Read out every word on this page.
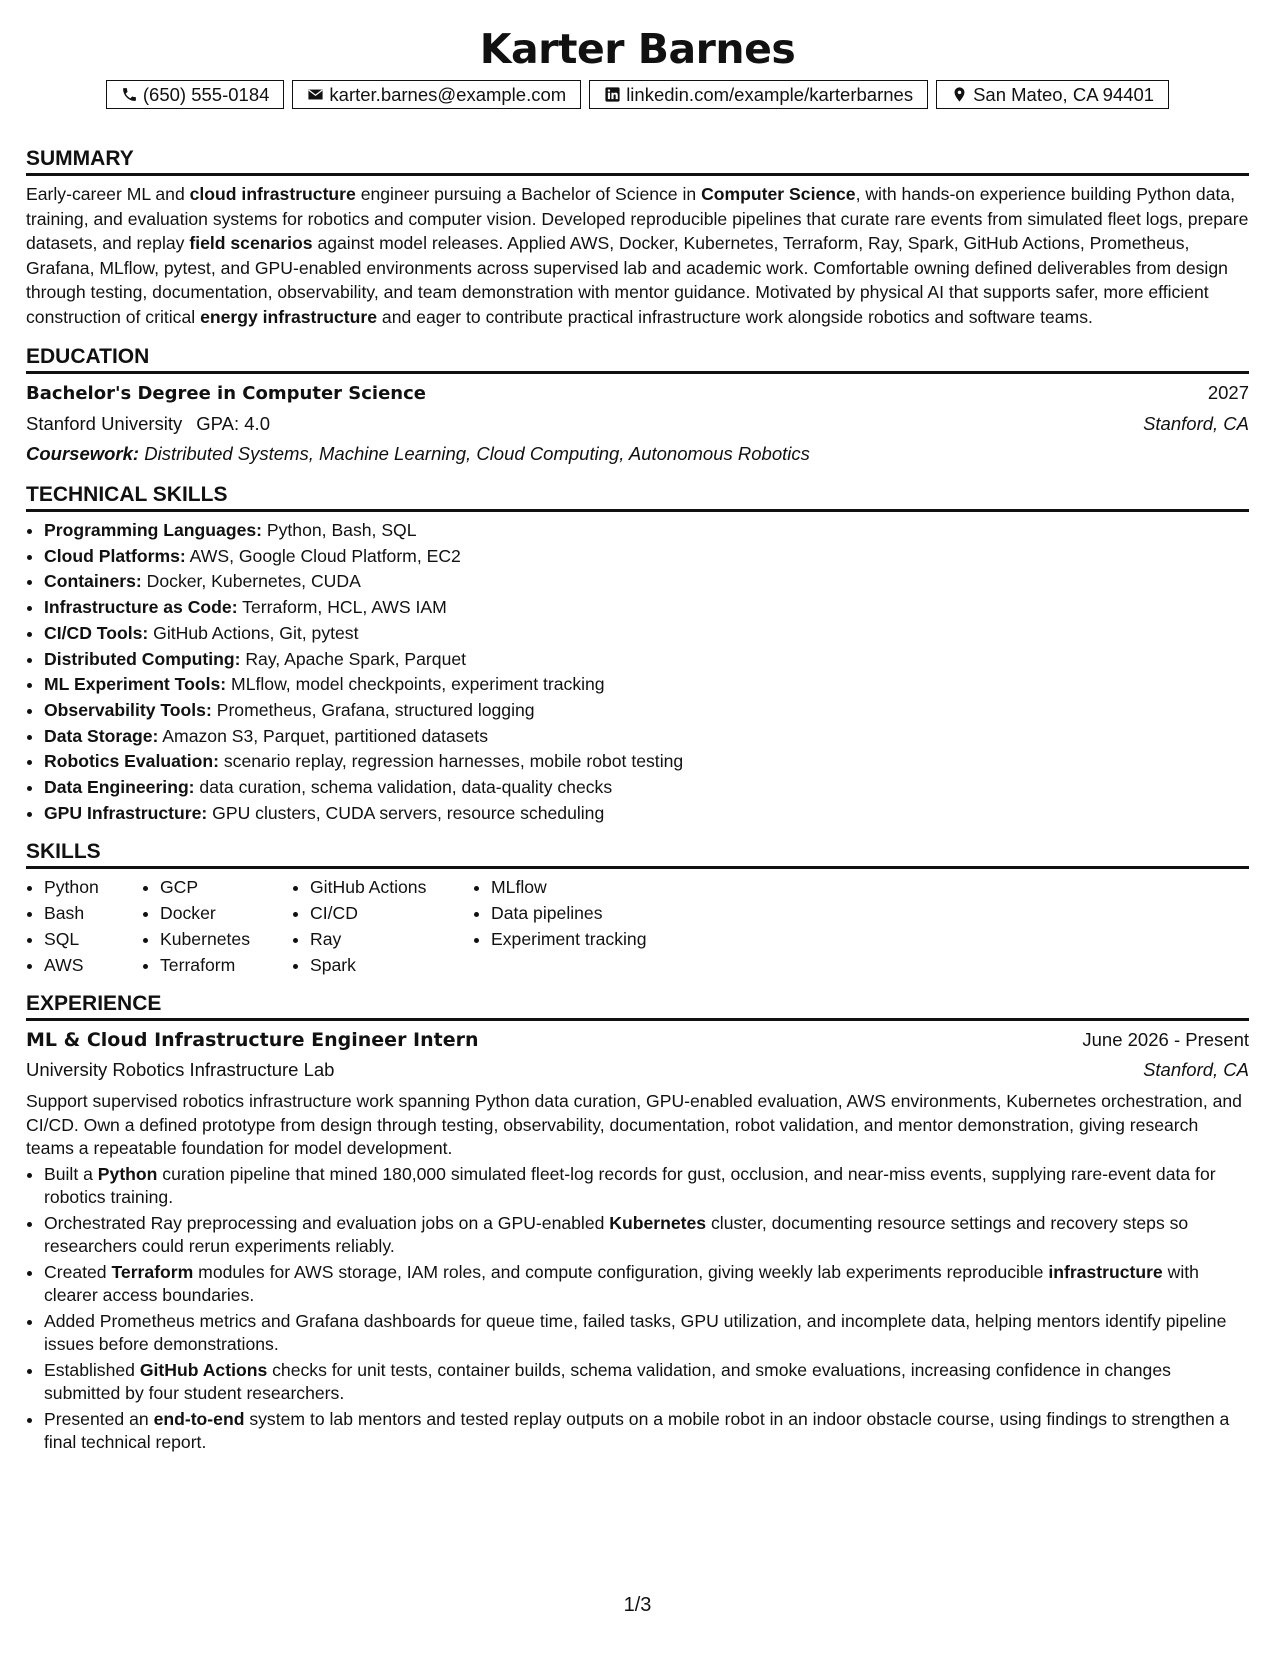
Karter Barnes
(650) 555-0184	karter.barnes@example.com	linkedin.com/example/karterbarnes	San Mateo, CA 94401
SUMMARY

Early-career ML and cloud infrastructure engineer pursuing a Bachelor of Science in Computer Science, with hands-on experience building Python data, training, and evaluation systems for robotics and computer vision. Developed reproducible pipelines that curate rare events from simulated fleet logs, prepare datasets, and replay field scenarios against model releases. Applied AWS, Docker, Kubernetes, Terraform, Ray, Spark, GitHub Actions, Prometheus, Grafana, MLflow, pytest, and GPU-enabled environments across supervised lab and academic work. Comfortable owning defined deliverables from design through testing, documentation, observability, and team demonstration with mentor guidance. Motivated by physical AI that supports safer, more efficient construction of critical energy infrastructure and eager to contribute practical infrastructure work alongside robotics and software teams.

EDUCATION
Bachelor's Degree in Computer Science	2027
Stanford University GPA: 4.0	Stanford, CA
Coursework: Distributed Systems, Machine Learning, Cloud Computing, Autonomous Robotics
TECHNICAL SKILLS
• Programming Languages: Python, Bash, SQL
• Cloud Platforms: AWS, Google Cloud Platform, EC2
• Containers: Docker, Kubernetes, CUDA
• Infrastructure as Code: Terraform, HCL, AWS IAM
• CI/CD Tools: GitHub Actions, Git, pytest
• Distributed Computing: Ray, Apache Spark, Parquet
• ML Experiment Tools: MLflow, model checkpoints, experiment tracking
• Observability Tools: Prometheus, Grafana, structured logging
• Data Storage: Amazon S3, Parquet, partitioned datasets
• Robotics Evaluation: scenario replay, regression harnesses, mobile robot testing
• Data Engineering: data curation, schema validation, data-quality checks
• GPU Infrastructure: GPU clusters, CUDA servers, resource scheduling
SKILLS
• Python
• Bash
• SQL
• AWS
• GCP
• Docker
• Kubernetes
• Terraform
• GitHub Actions
• CI/CD
• Ray
• Spark
• MLflow
• Data pipelines
• Experiment tracking
EXPERIENCE
ML & Cloud Infrastructure Engineer Intern	June 2026 - Present
University Robotics Infrastructure Lab	Stanford, CA

Support supervised robotics infrastructure work spanning Python data curation, GPU-enabled evaluation, AWS environments, Kubernetes orchestration, and CI/CD. Own a defined prototype from design through testing, observability, documentation, robot validation, and mentor demonstration, giving research teams a repeatable foundation for model development.

• Built a Python curation pipeline that mined 180,000 simulated fleet-log records for gust, occlusion, and near-miss events, supplying rare-event data for robotics training.
• Orchestrated Ray preprocessing and evaluation jobs on a GPU-enabled Kubernetes cluster, documenting resource settings and recovery steps so researchers could rerun experiments reliably.
• Created Terraform modules for AWS storage, IAM roles, and compute configuration, giving weekly lab experiments reproducible infrastructure with clearer access boundaries.
• Added Prometheus metrics and Grafana dashboards for queue time, failed tasks, GPU utilization, and incomplete data, helping mentors identify pipeline issues before demonstrations.
• Established GitHub Actions checks for unit tests, container builds, schema validation, and smoke evaluations, increasing confidence in changes submitted by four student researchers.
• Presented an end-to-end system to lab mentors and tested replay outputs on a mobile robot in an indoor obstacle course, using findings to strengthen a final technical report.
1/3
